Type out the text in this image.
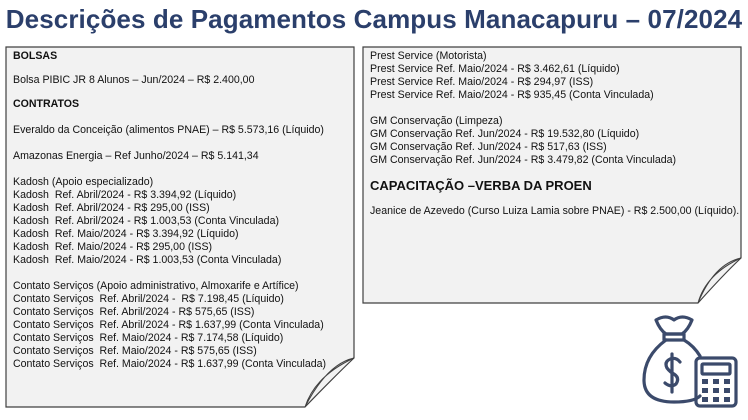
Descrições de Pagamentos Campus Manacapuru – 07/2024
BOLSAS
Bolsa PIBIC JR 8 Alunos – Jun/2024 – R$ 2.400,00
CONTRATOS
Everaldo da Conceição (alimentos PNAE) – R$ 5.573,16 (Líquido)
Amazonas Energia – Ref Junho/2024 – R$ 5.141,34
Kadosh (Apoio especializado)
Kadosh  Ref. Abril/2024 - R$ 3.394,92 (Líquido)
Kadosh  Ref. Abril/2024 - R$ 295,00 (ISS)
Kadosh  Ref. Abril/2024 - R$ 1.003,53 (Conta Vinculada)
Kadosh  Ref. Maio/2024 - R$ 3.394,92 (Líquido)
Kadosh  Ref. Maio/2024 - R$ 295,00 (ISS)
Kadosh  Ref. Maio/2024 - R$ 1.003,53 (Conta Vinculada)
Contato Serviços (Apoio administrativo, Almoxarife e Artífice)
Contato Serviços  Ref. Abril/2024 -  R$ 7.198,45 (Líquido)
Contato Serviços  Ref. Abril/2024 - R$ 575,65 (ISS)
Contato Serviços  Ref. Abril/2024 - R$ 1.637,99 (Conta Vinculada)
Contato Serviços  Ref. Maio/2024 - R$ 7.174,58 (Líquido)
Contato Serviços  Ref. Maio/2024 - R$ 575,65 (ISS)
Contato Serviços  Ref. Maio/2024 - R$ 1.637,99 (Conta Vinculada)
Prest Service (Motorista)
Prest Service Ref. Maio/2024 - R$ 3.462,61 (Líquido)
Prest Service Ref. Maio/2024 - R$ 294,97 (ISS)
Prest Service Ref. Maio/2024 - R$ 935,45 (Conta Vinculada)
GM Conservação (Limpeza)
GM Conservação Ref. Jun/2024 - R$ 19.532,80 (Líquido)
GM Conservação Ref. Jun/2024 - R$ 517,63 (ISS)
GM Conservação Ref. Jun/2024 - R$ 3.479,82 (Conta Vinculada)
CAPACITAÇÃO –VERBA DA PROEN
Jeanice de Azevedo (Curso Luiza Lamia sobre PNAE) - R$ 2.500,00 (Líquido).
